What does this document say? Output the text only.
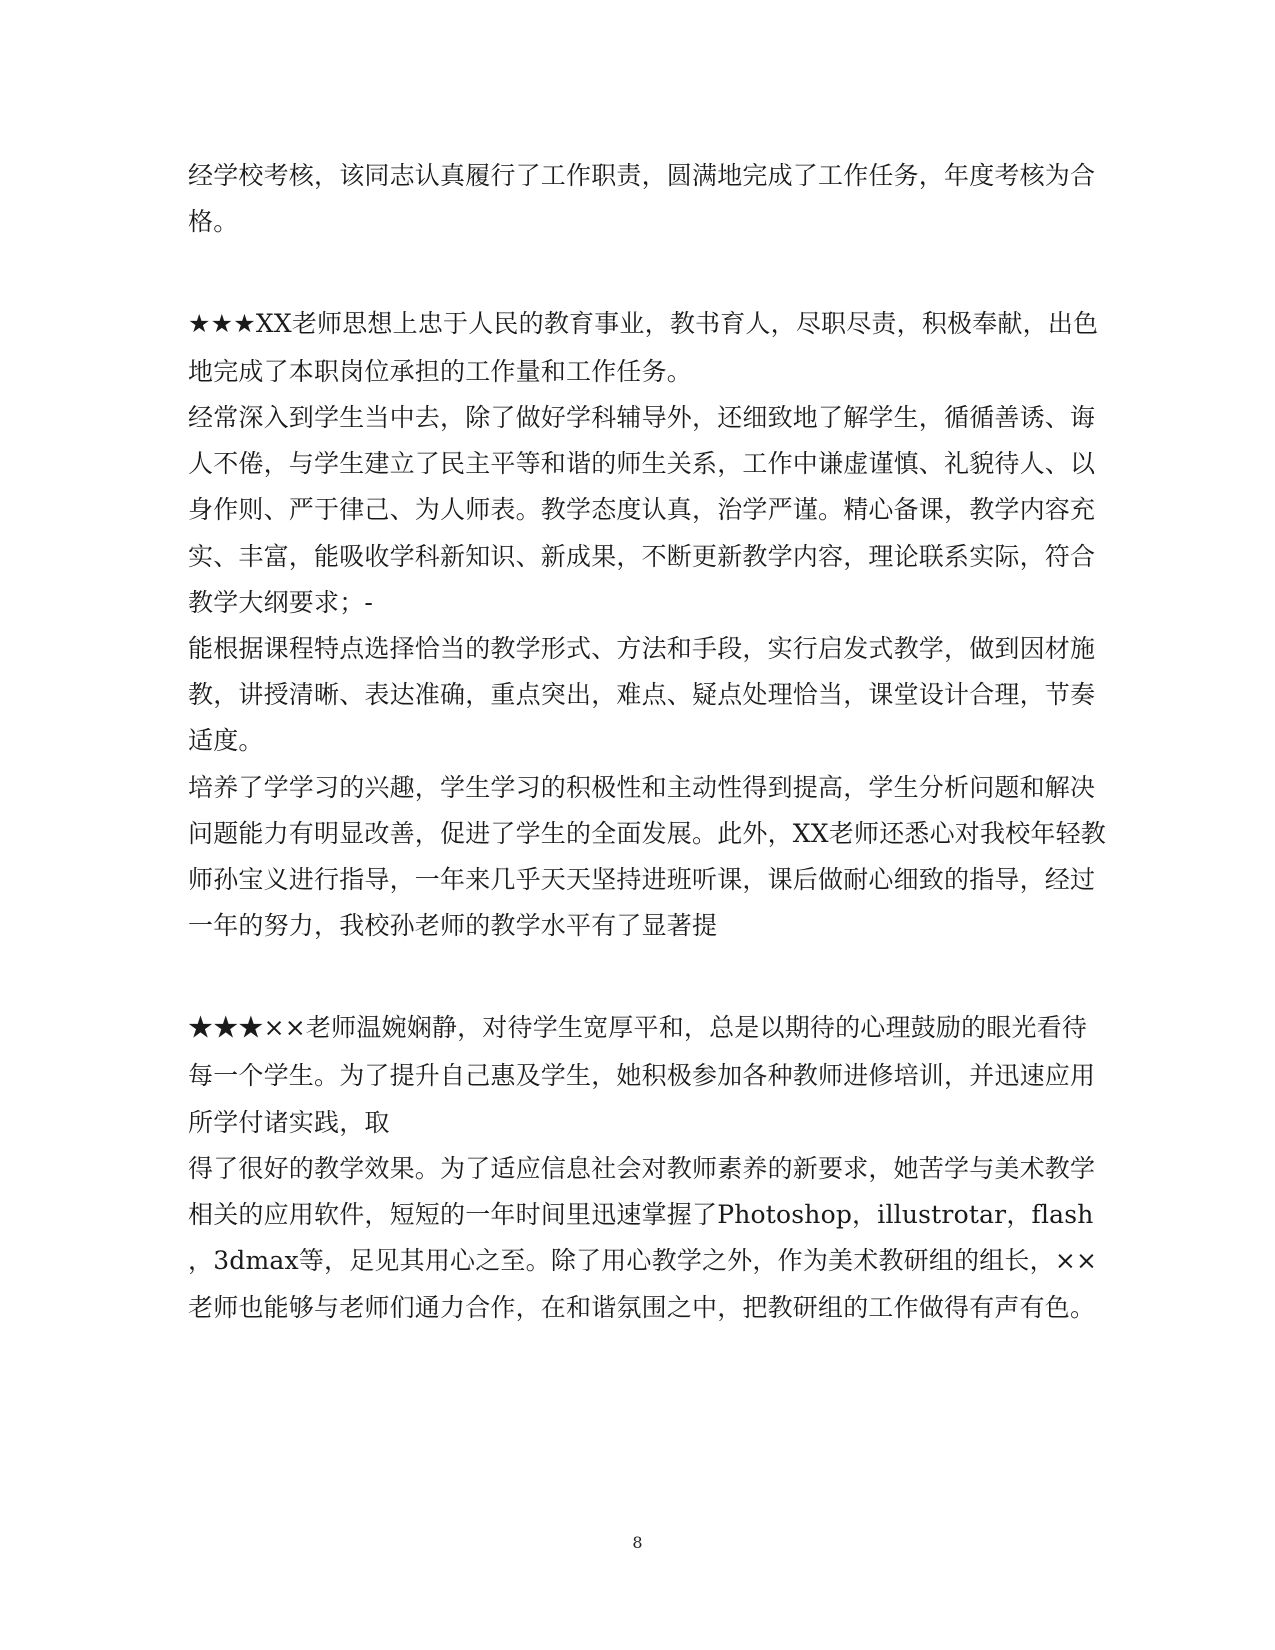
经学校考核，该同志认真履行了工作职责，圆满地完成了工作任务，年度考核为合
格。
★★★XX老师思想上忠于人民的教育事业，教书育人，尽职尽责，积极奉献，出色
地完成了本职岗位承担的工作量和工作任务。
经常深入到学生当中去，除了做好学科辅导外，还细致地了解学生，循循善诱、诲
人不倦，与学生建立了民主平等和谐的师生关系，工作中谦虚谨慎、礼貌待人、以
身作则、严于律己、为人师表。教学态度认真，治学严谨。精心备课，教学内容充
实、丰富，能吸收学科新知识、新成果，不断更新教学内容，理论联系实际，符合
教学大纲要求；-
能根据课程特点选择恰当的教学形式、方法和手段，实行启发式教学，做到因材施
教，讲授清晰、表达准确，重点突出，难点、疑点处理恰当，课堂设计合理，节奏
适度。
培养了学学习的兴趣，学生学习的积极性和主动性得到提高，学生分析问题和解决
问题能力有明显改善，促进了学生的全面发展。此外，XX老师还悉心对我校年轻教
师孙宝义进行指导，一年来几乎天天坚持进班听课，课后做耐心细致的指导，经过
一年的努力，我校孙老师的教学水平有了显著提
★★★××老师温婉娴静，对待学生宽厚平和，总是以期待的心理鼓励的眼光看待
每一个学生。为了提升自己惠及学生，她积极参加各种教师进修培训，并迅速应用
所学付诸实践，取
得了很好的教学效果。为了适应信息社会对教师素养的新要求，她苦学与美术教学
相关的应用软件，短短的一年时间里迅速掌握了Photoshop，illustrotar，flash
，3dmax等，足见其用心之至。除了用心教学之外，作为美术教研组的组长，××
老师也能够与老师们通力合作，在和谐氛围之中，把教研组的工作做得有声有色。
8
